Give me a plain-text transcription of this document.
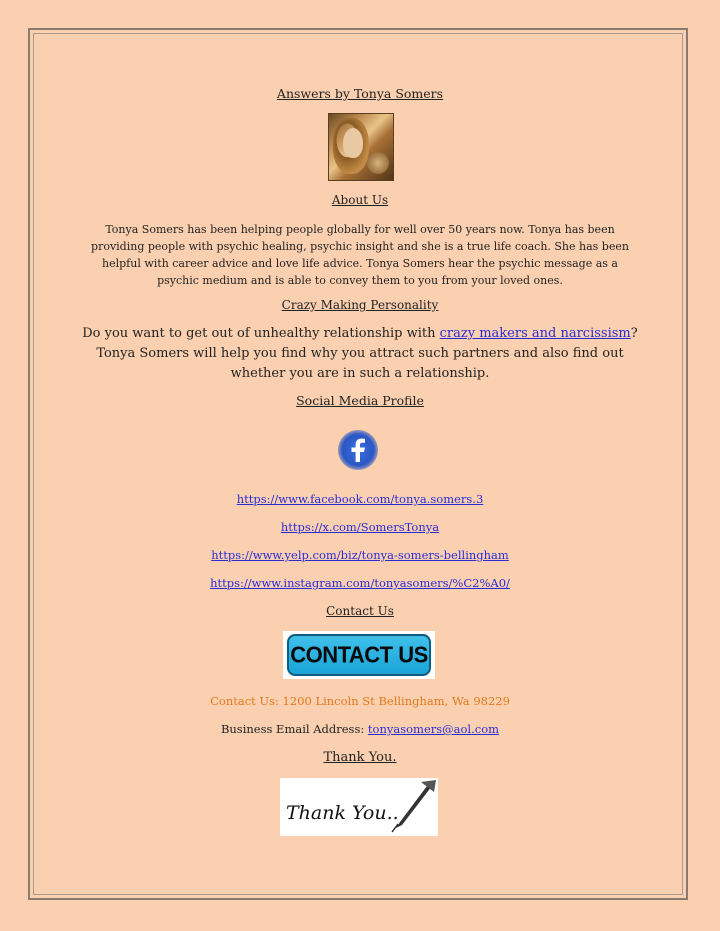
Answers by Tonya Somers
About Us
Tonya Somers has been helping people globally for well over 50 years now. Tonya has been providing people with psychic healing, psychic insight and she is a true life coach. She has been helpful with career advice and love life advice. Tonya Somers hear the psychic message as a psychic medium and is able to convey them to you from your loved ones.
Crazy Making Personality
Do you want to get out of unhealthy relationship with crazy makers and narcissism? Tonya Somers will help you find why you attract such partners and also find out whether you are in such a relationship.
Social Media Profile
https://www.facebook.com/tonya.somers.3
https://x.com/SomersTonya
https://www.yelp.com/biz/tonya-somers-bellingham
https://www.instagram.com/tonyasomers/%C2%A0/
Contact Us
CONTACT US
Contact Us: 1200 Lincoln St Bellingham, Wa 98229
Business Email Address: tonyasomers@aol.com
Thank You.
Thank You..
